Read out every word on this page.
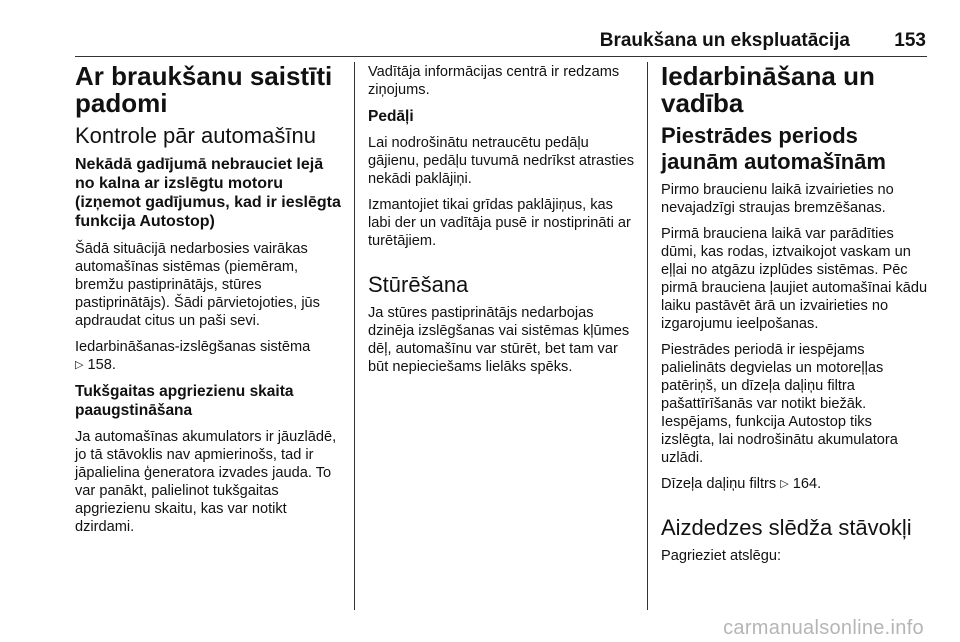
Braukšana un ekspluatācija 153
Ar braukšanu saistīti padomi
Kontrole pār automašīnu
Nekādā gadījumā nebrauciet lejā no kalna ar izslēgtu motoru (izņemot gadījumus, kad ir ieslēgta funkcija Autostop)

Šādā situācijā nedarbosies vairākas automašīnas sistēmas (piemēram, bremžu pastiprinātājs, stūres pastiprinātājs). Šādi pārvietojoties, jūs apdraudat citus un paši sevi.

Iedarbināšanas-izslēgšanas sistēma
▷ 158.

Tukšgaitas apgriezienu skaita paaugstināšana

Ja automašīnas akumulators ir jāuzlādē, jo tā stāvoklis nav apmierinošs, tad ir jāpalielina ģeneratora izvades jauda. To var panākt, palielinot tukšgaitas apgriezienu skaitu, kas var notikt dzirdami.

Vadītāja informācijas centrā ir redzams ziņojums.

Pedāļi

Lai nodrošinātu netraucētu pedāļu gājienu, pedāļu tuvumā nedrīkst atrasties nekādi paklājiņi.

Izmantojiet tikai grīdas paklājiņus, kas labi der un vadītāja pusē ir nostiprināti ar turētājiem.

Stūrēšana

Ja stūres pastiprinātājs nedarbojas dzinēja izslēgšanas vai sistēmas kļūmes dēļ, automašīnu var stūrēt, bet tam var būt nepieciešams lielāks spēks.

Iedarbināšana un vadība
Piestrādes periods jaunām automašīnām

Pirmo braucienu laikā izvairieties no nevajadzīgi straujas bremzēšanas.

Pirmā brauciena laikā var parādīties dūmi, kas rodas, iztvaikojot vaskam un eļļai no atgāzu izplūdes sistēmas. Pēc pirmā brauciena ļaujiet automašīnai kādu laiku pastāvēt ārā un izvairieties no izgarojumu ieelpošanas.

Piestrādes periodā ir iespējams palielināts degvielas un motoreļļas patēriņš, un dīzeļa daļiņu filtra pašattīrīšanās var notikt biežāk. Iespējams, funkcija Autostop tiks izslēgta, lai nodrošinātu akumulatora uzlādi.

Dīzeļa daļiņu filtrs ▷ 164.

Aizdedzes slēdža stāvokļi

Pagrieziet atslēgu:

carmanualsonline.info
